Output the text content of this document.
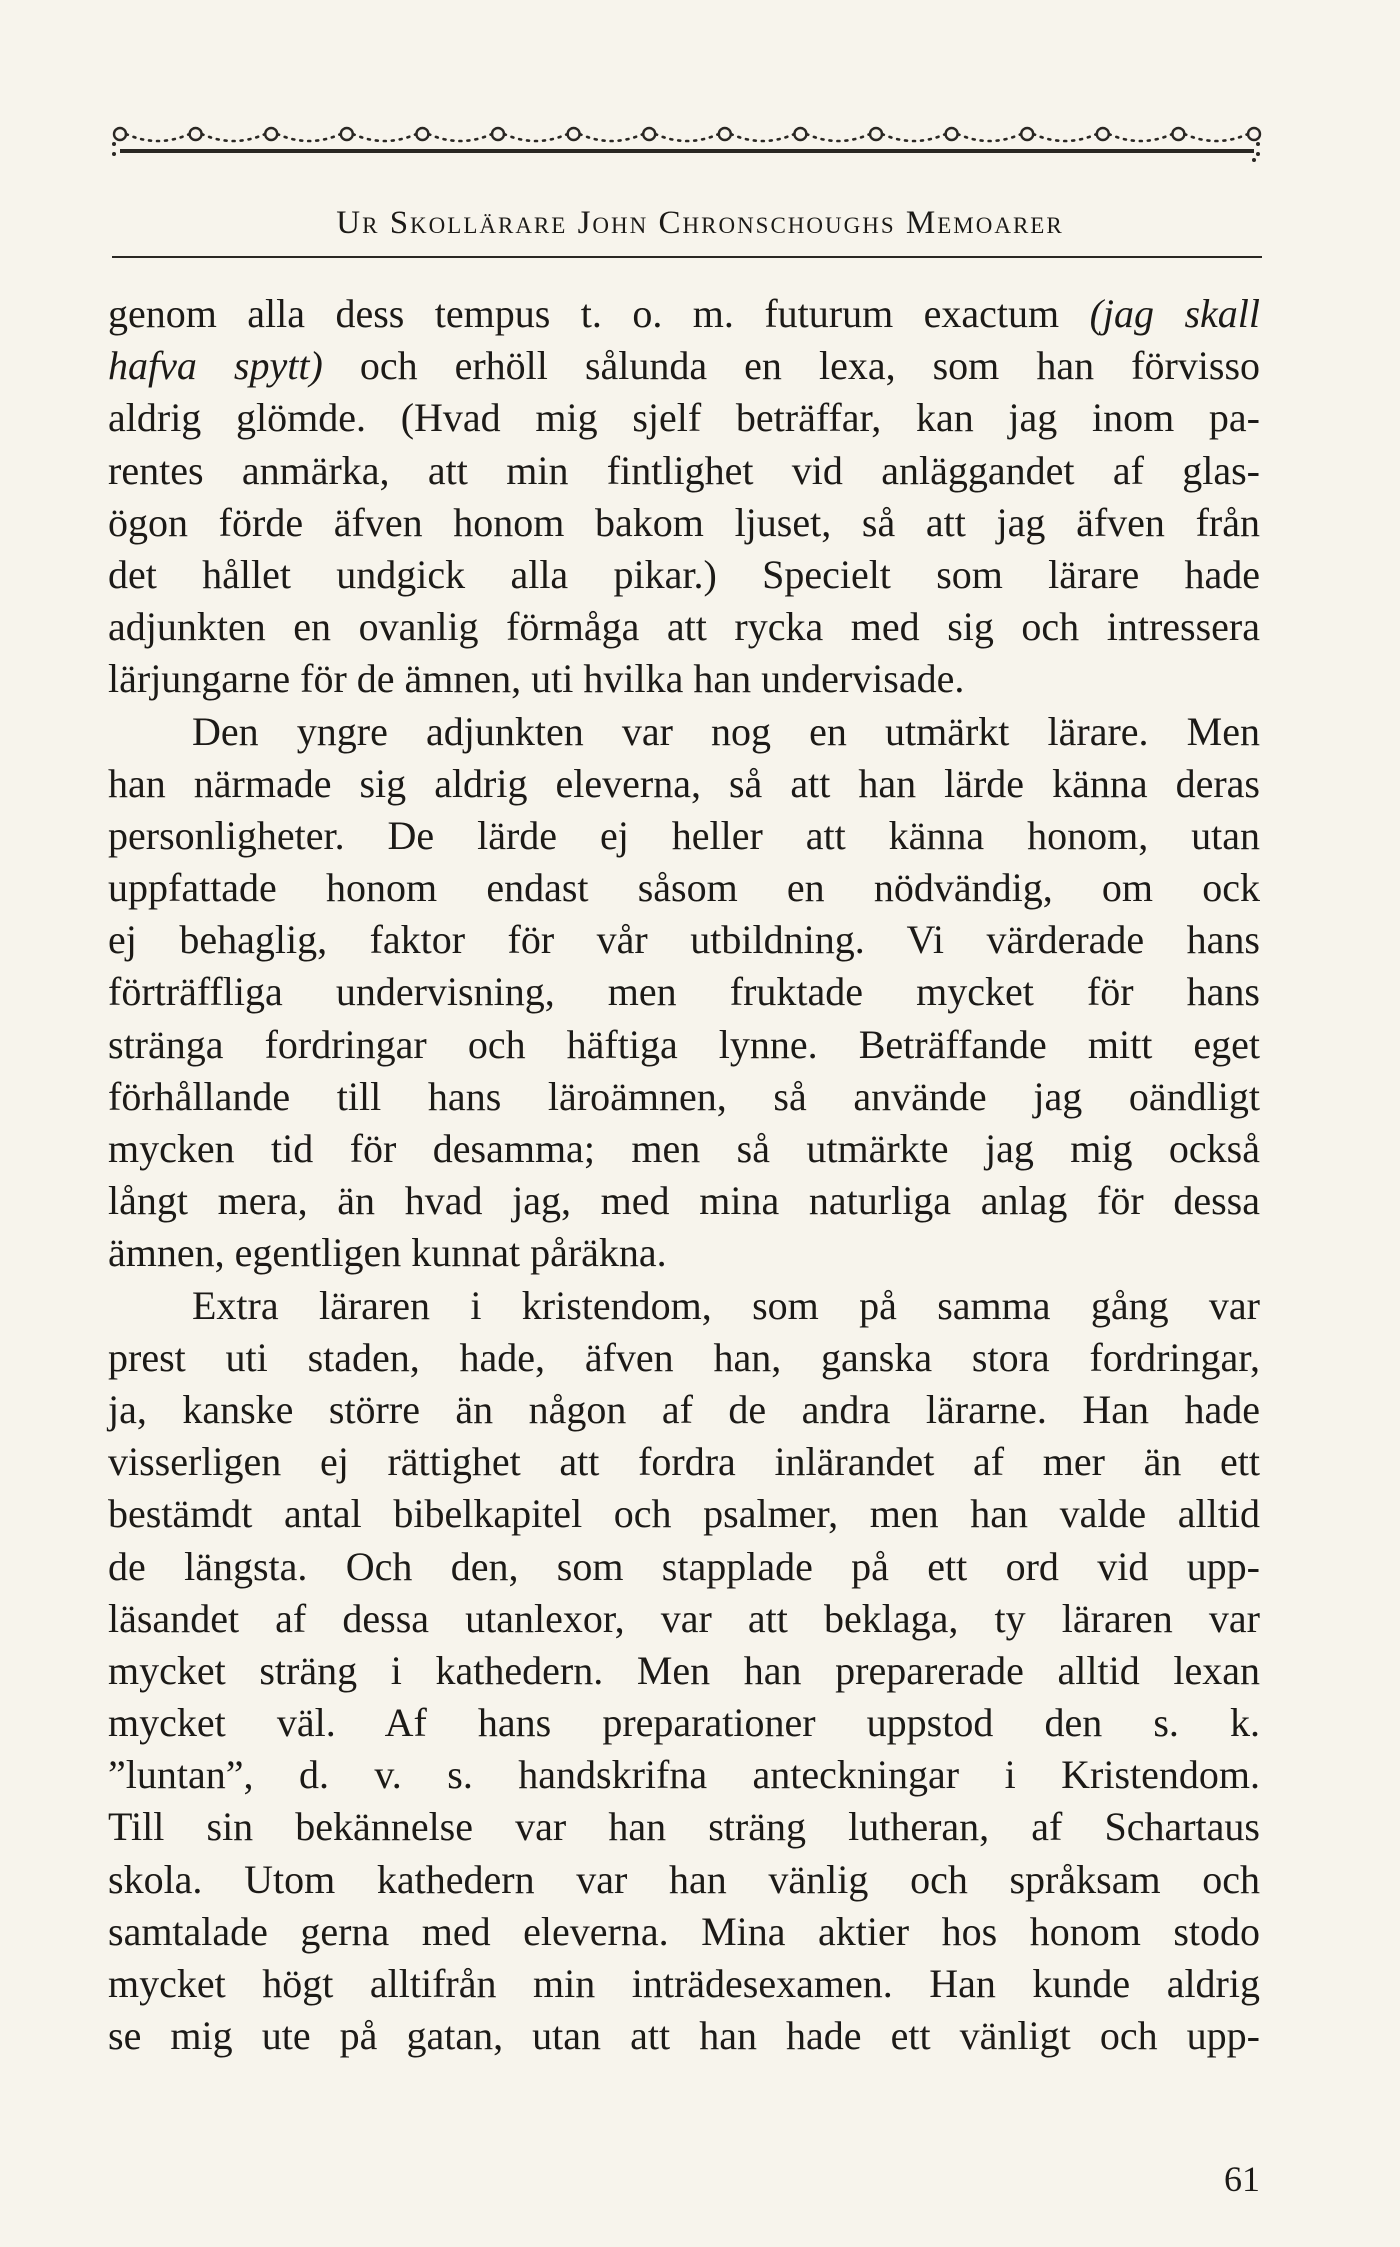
Ur Skollärare John Chronschoughs Memoarer
genom alla dess tempus t. o. m. futurum exactum (jag skall
hafva spytt) och erhöll sålunda en lexa, som han förvisso
aldrig glömde. (Hvad mig sjelf beträffar, kan jag inom pa-
rentes anmärka, att min fintlighet vid anläggandet af glas-
ögon förde äfven honom bakom ljuset, så att jag äfven från
det hållet undgick alla pikar.) Specielt som lärare hade
adjunkten en ovanlig förmåga att rycka med sig och intressera
lärjungarne för de ämnen, uti hvilka han undervisade.
Den yngre adjunkten var nog en utmärkt lärare. Men
han närmade sig aldrig eleverna, så att han lärde känna deras
personligheter. De lärde ej heller att känna honom, utan
uppfattade honom endast såsom en nödvändig, om ock
ej behaglig, faktor för vår utbildning. Vi värderade hans
förträffliga undervisning, men fruktade mycket för hans
stränga fordringar och häftiga lynne. Beträffande mitt eget
förhållande till hans läroämnen, så använde jag oändligt
mycken tid för desamma; men så utmärkte jag mig också
långt mera, än hvad jag, med mina naturliga anlag för dessa
ämnen, egentligen kunnat påräkna.
Extra läraren i kristendom, som på samma gång var
prest uti staden, hade, äfven han, ganska stora fordringar,
ja, kanske större än någon af de andra lärarne. Han hade
visserligen ej rättighet att fordra inlärandet af mer än ett
bestämdt antal bibelkapitel och psalmer, men han valde alltid
de längsta. Och den, som stapplade på ett ord vid upp-
läsandet af dessa utanlexor, var att beklaga, ty läraren var
mycket sträng i kathedern. Men han preparerade alltid lexan
mycket väl. Af hans preparationer uppstod den s. k.
”luntan”, d. v. s. handskrifna anteckningar i Kristendom.
Till sin bekännelse var han sträng lutheran, af Schartaus
skola. Utom kathedern var han vänlig och språksam och
samtalade gerna med eleverna. Mina aktier hos honom stodo
mycket högt alltifrån min inträdesexamen. Han kunde aldrig
se mig ute på gatan, utan att han hade ett vänligt och upp-
61
